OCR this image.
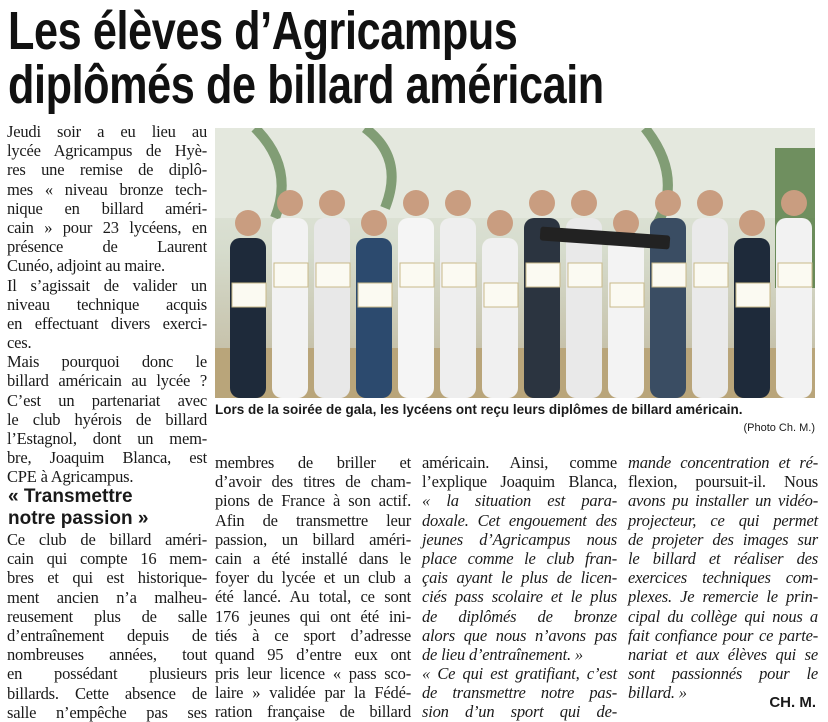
Les élèves d’Agricampus
diplômés de billard américain
Jeudi soir a eu lieu au
lycée Agricampus de Hyè-
res une remise de diplô-
mes « niveau bronze tech-
nique en billard améri-
cain » pour 23 lycéens, en
présence de Laurent
Cunéo, adjoint au maire.
Il s’agissait de valider un
niveau technique acquis
en effectuant divers exerci-
ces.
Mais pourquoi donc le
billard américain au lycée ?
C’est un partenariat avec
le club hyérois de billard
l’Estagnol, dont un mem-
bre, Joaquim Blanca, est
CPE à Agricampus.
« Transmettre
notre passion »
Ce club de billard améri-
cain qui compte 16 mem-
bres et qui est historique-
ment ancien n’a malheu-
reusement plus de salle
d’entraînement depuis de
nombreuses années, tout
en possédant plusieurs
billards. Cette absence de
salle n’empêche pas ses
membres de briller et
d’avoir des titres de cham-
pions de France à son actif.
Afin de transmettre leur
passion, un billard améri-
cain a été installé dans le
foyer du lycée et un club a
été lancé. Au total, ce sont
176 jeunes qui ont été ini-
tiés à ce sport d’adresse
quand 95 d’entre eux ont
pris leur licence « pass sco-
laire » validée par la Fédé-
ration française de billard
américain. Ainsi, comme
l’explique Joaquim Blanca,
« la situation est para-
doxale. Cet engouement des
jeunes d’Agricampus nous
place comme le club fran-
çais ayant le plus de licen-
ciés pass scolaire et le plus
de diplômés de bronze
alors que nous n’avons pas
de lieu d’entraînement. »
« Ce qui est gratifiant, c’est
de transmettre notre pas-
sion d’un sport qui de-
mande concentration et ré-
flexion, poursuit-il. Nous
avons pu installer un vidéo-
projecteur, ce qui permet
de projeter des images sur
le billard et réaliser des
exercices techniques com-
plexes. Je remercie le prin-
cipal du collège qui nous a
fait confiance pour ce parte-
nariat et aux élèves qui se
sont passionnés pour le
billard. »
Lors de la soirée de gala, les lycéens ont reçu leurs diplômes de billard américain.
(Photo Ch. M.)
CH. M.
